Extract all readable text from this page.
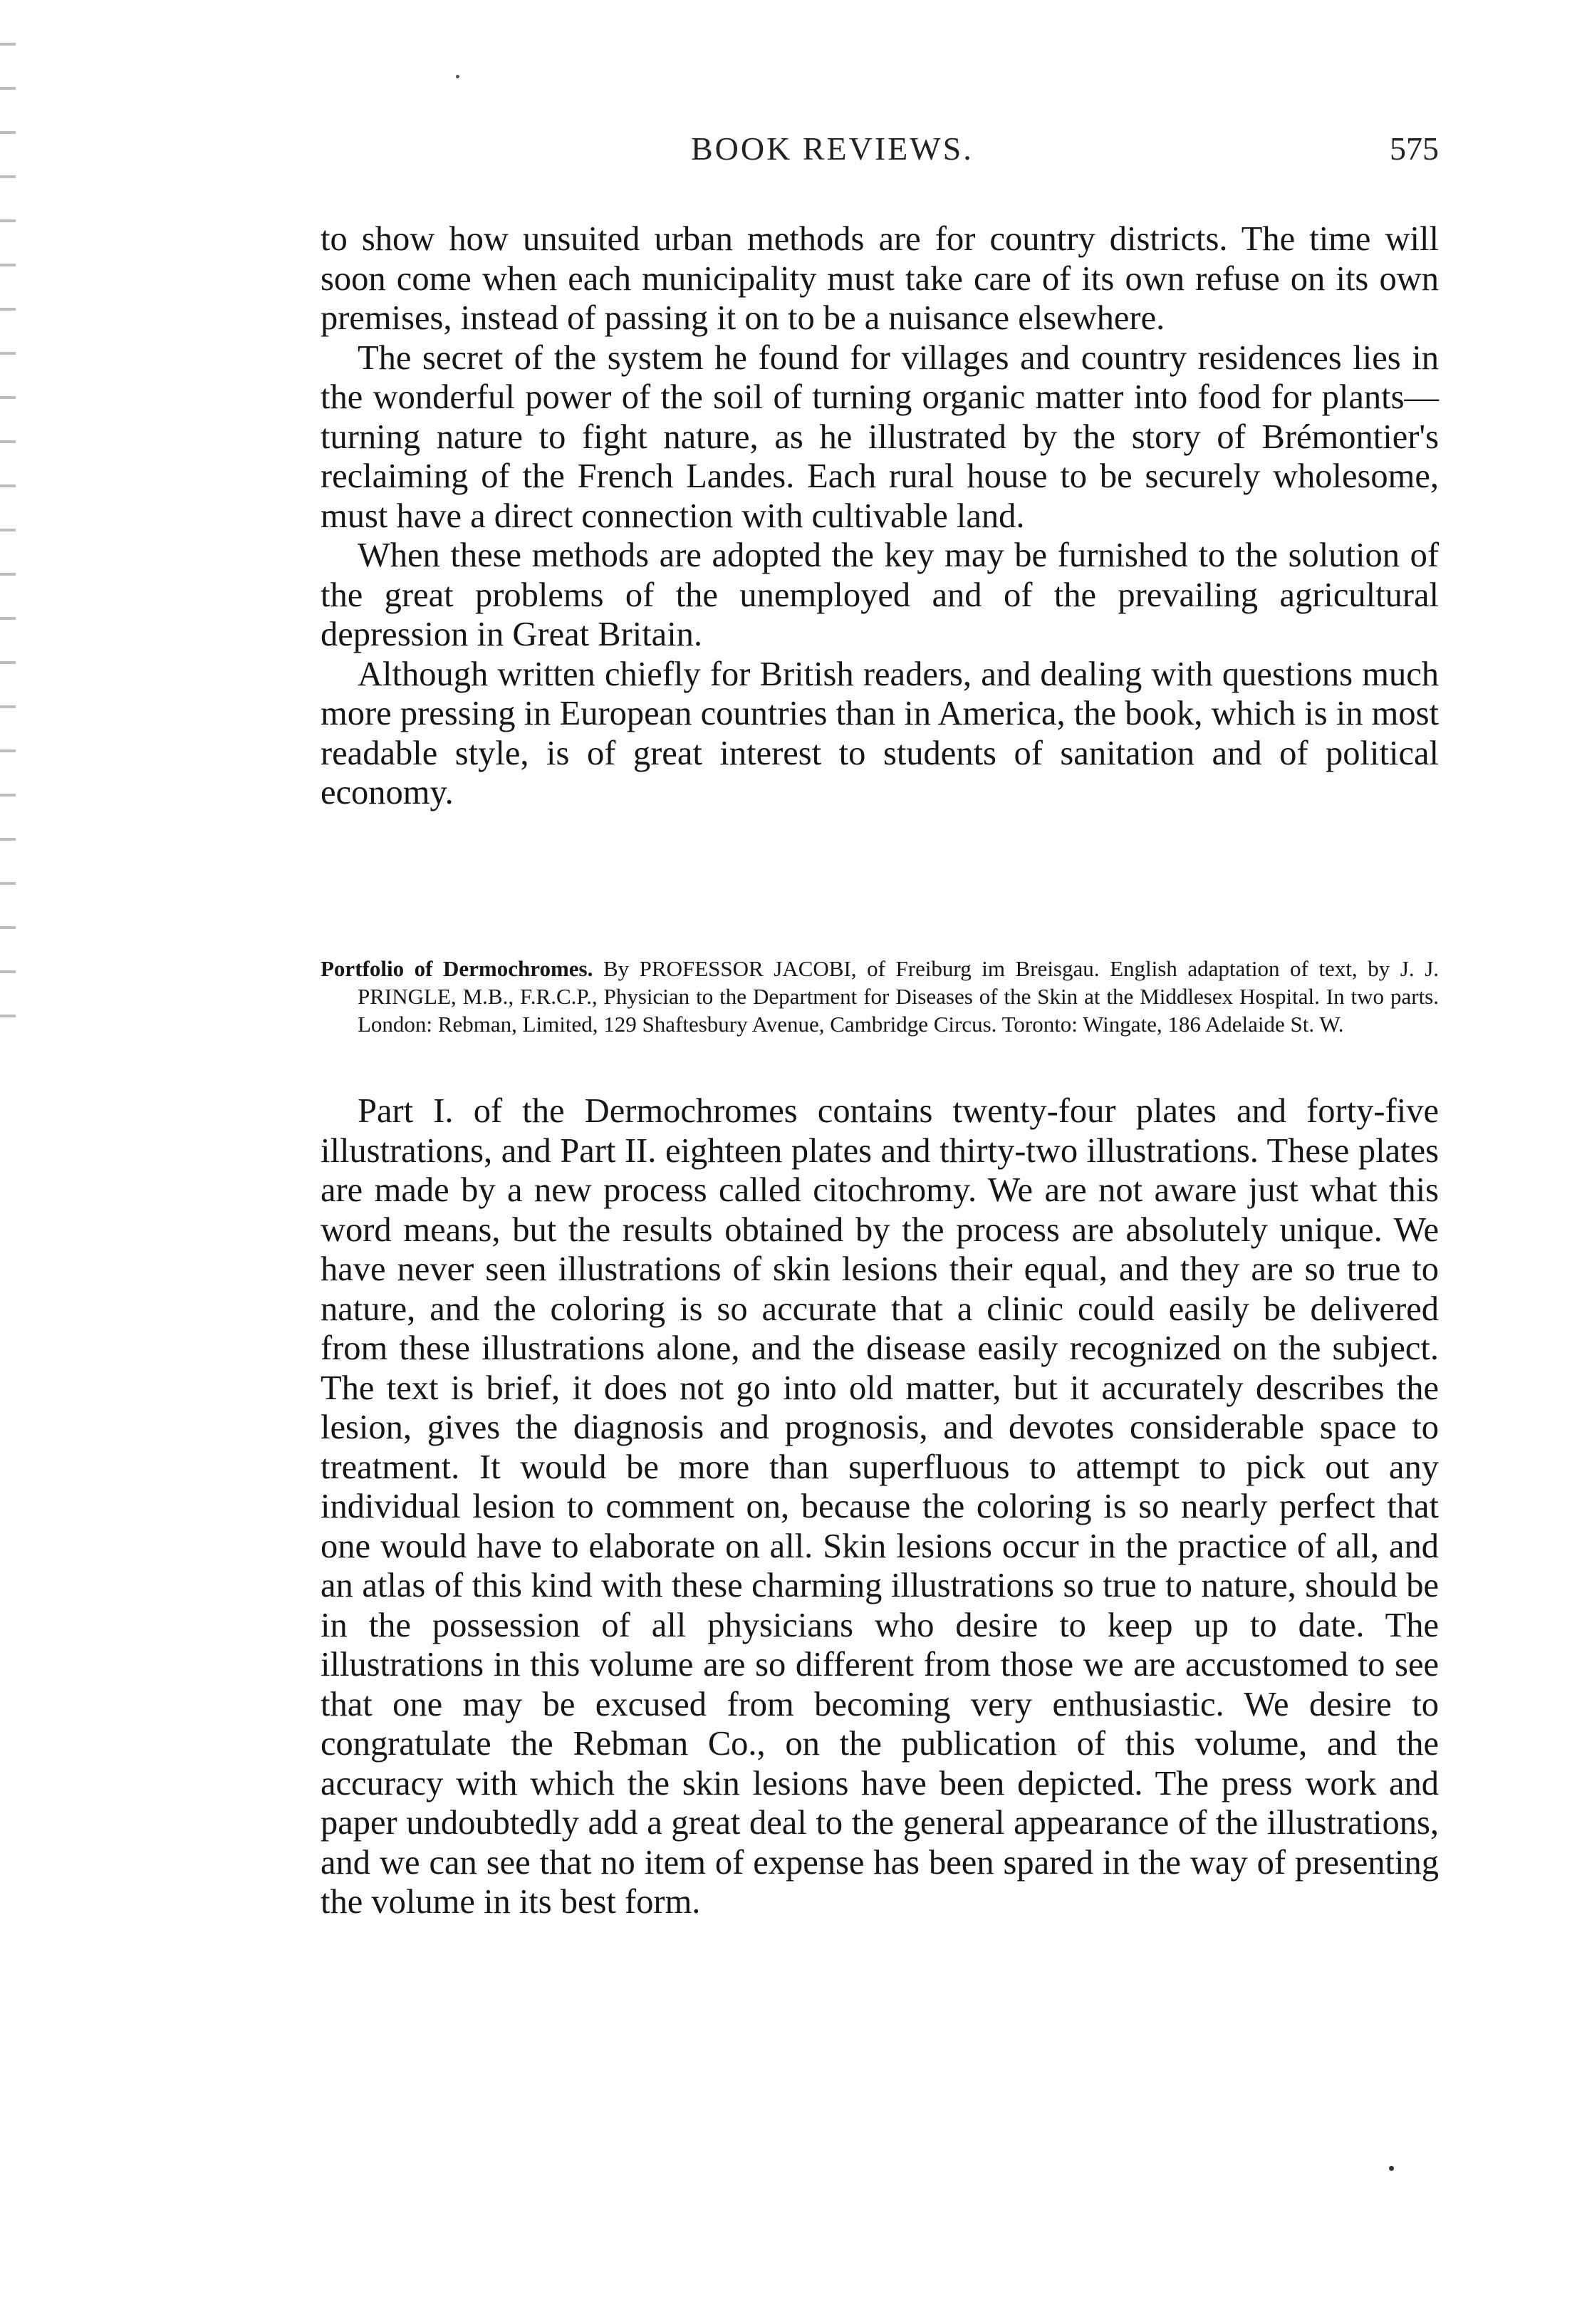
BOOK REVIEWS.	575

to show how unsuited urban methods are for country districts. The time will soon come when each municipality must take care of its own refuse on its own premises, instead of passing it on to be a nuisance elsewhere.

The secret of the system he found for villages and country residences lies in the wonderful power of the soil of turning organic matter into food for plants—turning nature to fight nature, as he illustrated by the story of Brémontier's reclaiming of the French Landes. Each rural house to be securely wholesome, must have a direct connection with cultivable land.

When these methods are adopted the key may be furnished to the solution of the great problems of the unemployed and of the prevailing agricultural depression in Great Britain.

Although written chiefly for British readers, and dealing with questions much more pressing in European countries than in America, the book, which is in most readable style, is of great interest to students of sanitation and of political economy.

Portfolio of Dermochromes. By PROFESSOR JACOBI, of Freiburg im Breisgau. English adaptation of text, by J. J. PRINGLE, M.B., F.R.C.P., Physician to the Department for Diseases of the Skin at the Middlesex Hospital. In two parts. London: Rebman, Limited, 129 Shaftesbury Avenue, Cambridge Circus. Toronto: Wingate, 186 Adelaide St. W.

Part I. of the Dermochromes contains twenty-four plates and forty-five illustrations, and Part II. eighteen plates and thirty-two illustrations. These plates are made by a new process called citochromy. We are not aware just what this word means, but the results obtained by the process are absolutely unique. We have never seen illustrations of skin lesions their equal, and they are so true to nature, and the coloring is so accurate that a clinic could easily be delivered from these illustrations alone, and the disease easily recognized on the subject. The text is brief, it does not go into old matter, but it accurately describes the lesion, gives the diagnosis and prognosis, and devotes considerable space to treatment. It would be more than superfluous to attempt to pick out any individual lesion to comment on, because the coloring is so nearly perfect that one would have to elaborate on all. Skin lesions occur in the practice of all, and an atlas of this kind with these charming illustrations so true to nature, should be in the possession of all physicians who desire to keep up to date. The illustrations in this volume are so different from those we are accustomed to see that one may be excused from becoming very enthusiastic. We desire to congratulate the Rebman Co., on the publication of this volume, and the accuracy with which the skin lesions have been depicted. The press work and paper undoubtedly add a great deal to the general appearance of the illustrations, and we can see that no item of expense has been spared in the way of presenting the volume in its best form.
